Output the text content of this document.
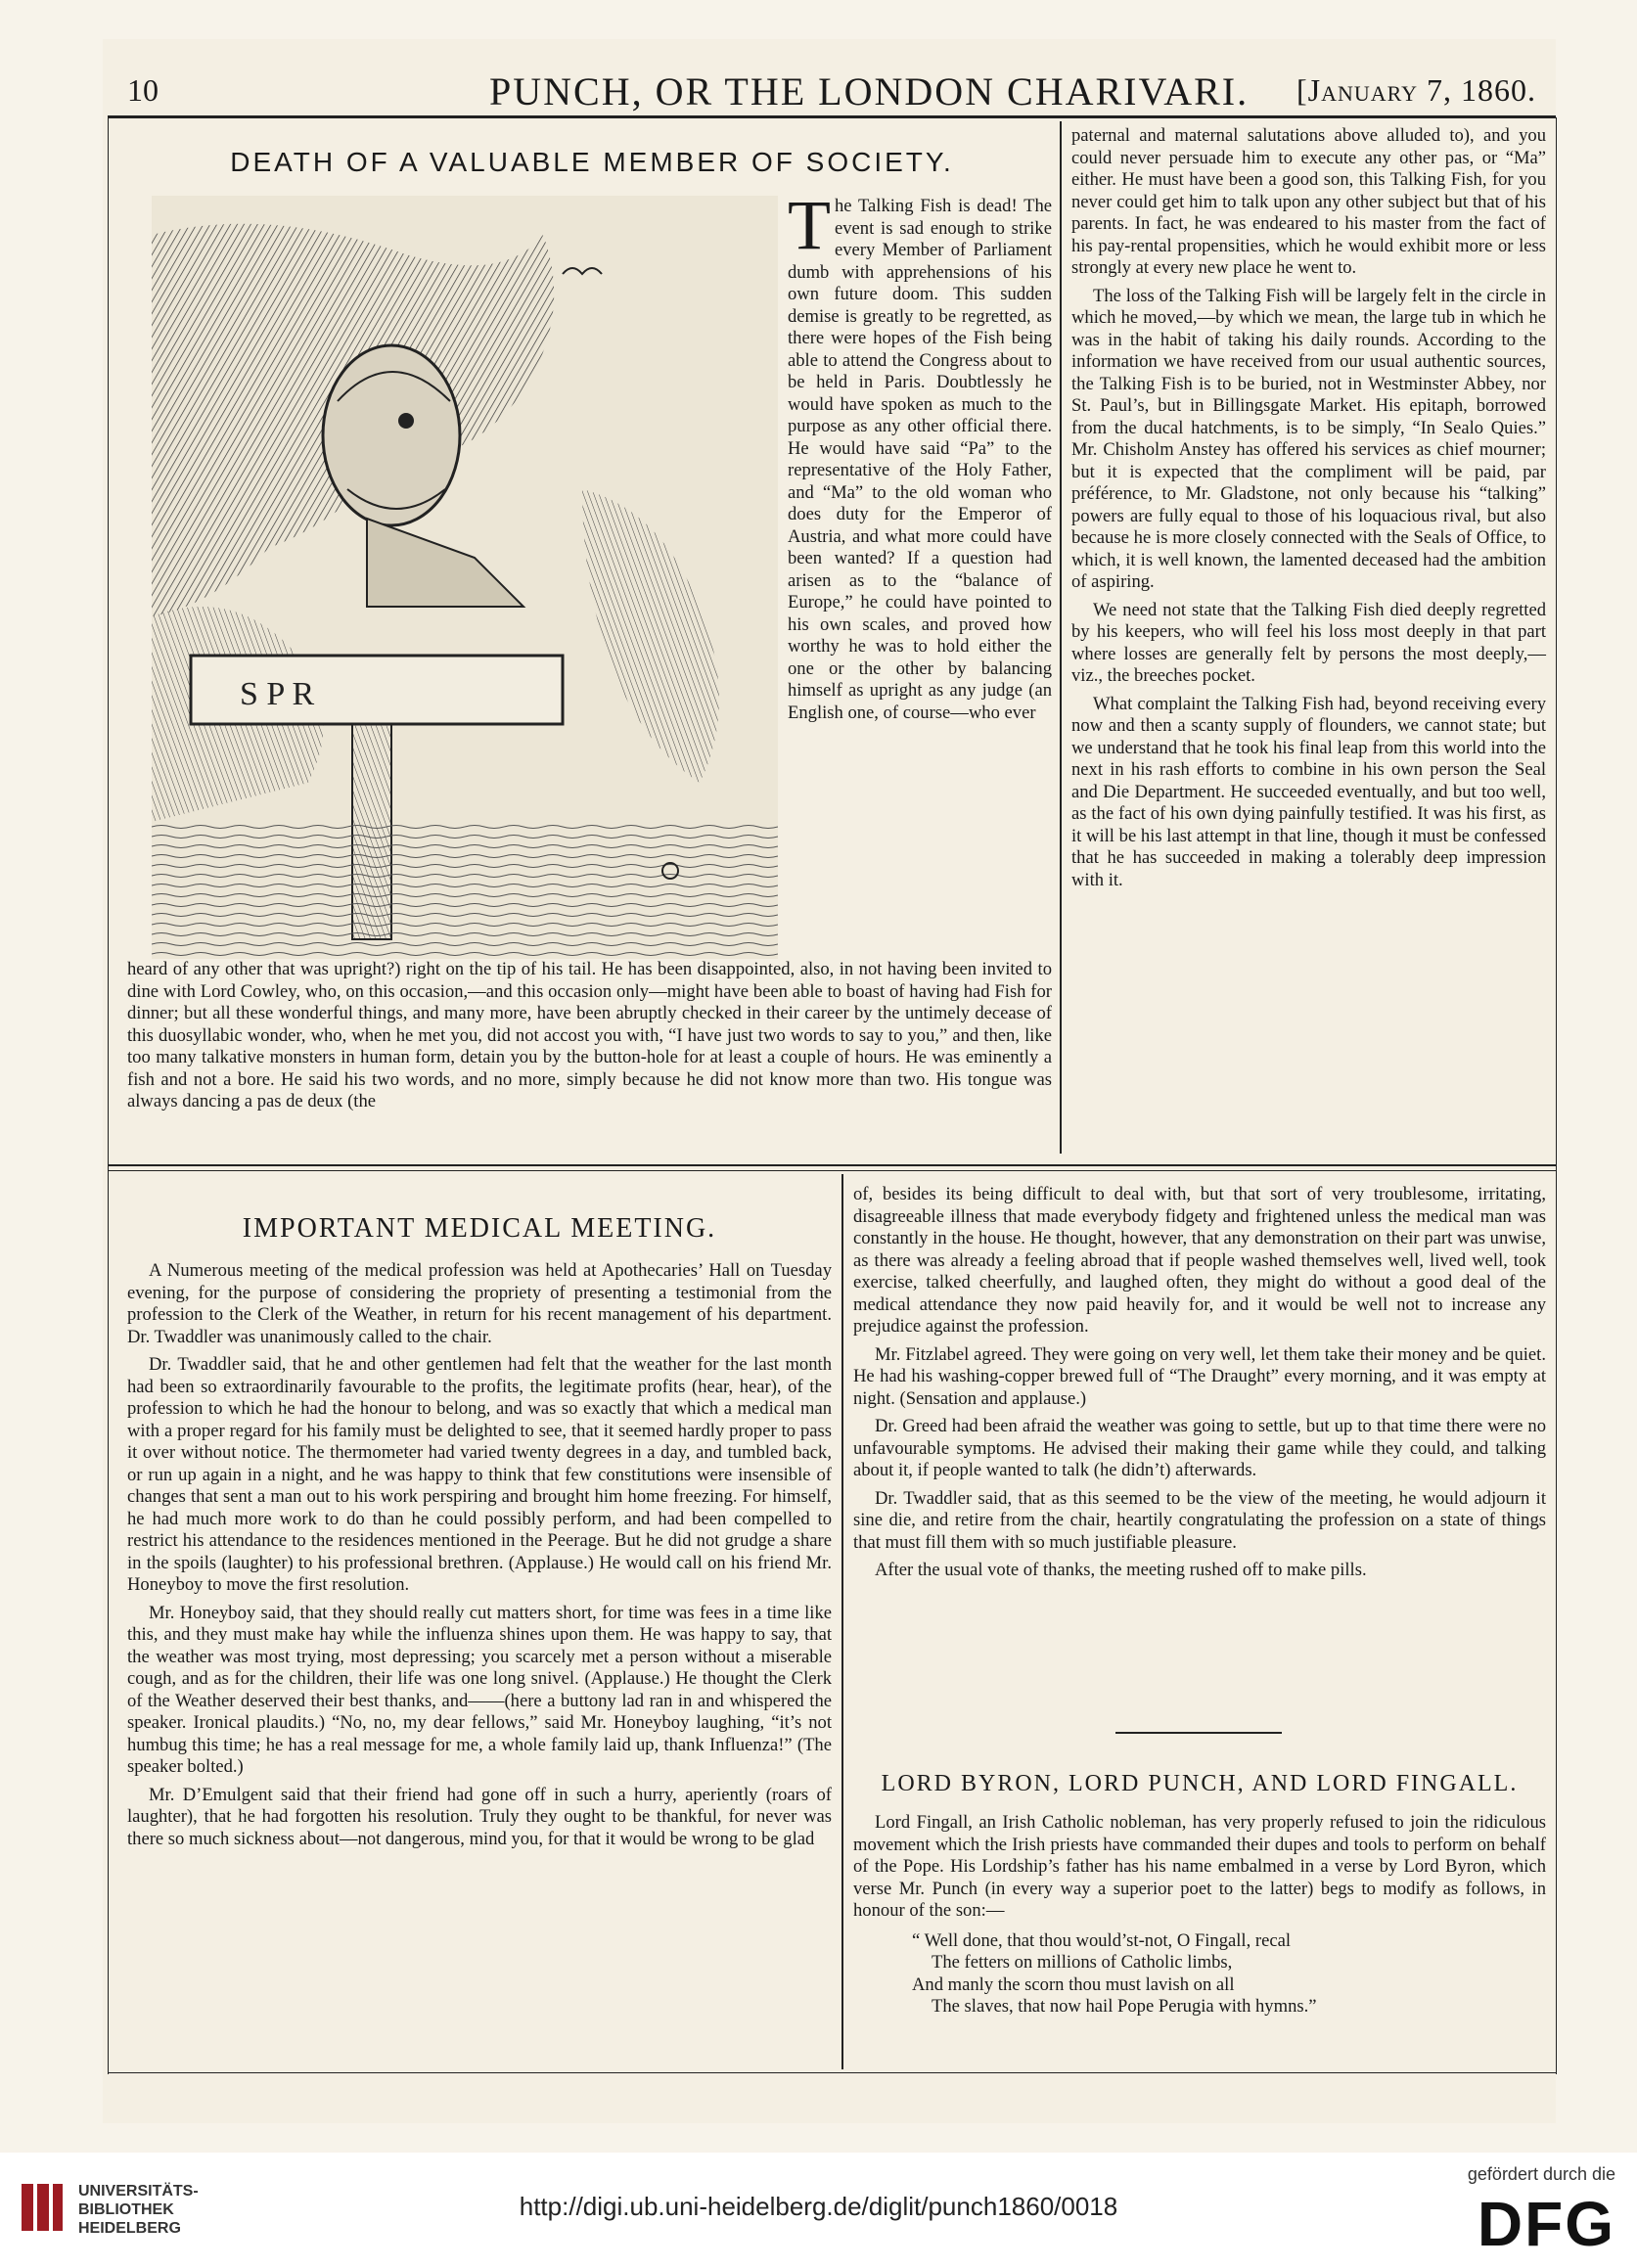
10	PUNCH, OR THE LONDON CHARIVARI. [January 7, 1860.
DEATH OF A VALUABLE MEMBER OF SOCIETY.
S P R
T he Talking Fish is dead! The event is sad enough to strike every Member of Parliament dumb with apprehensions of his own future doom. This sudden demise is greatly to be regretted, as there were hopes of the Fish being able to attend the Congress about to be held in Paris. Doubtlessly he would have spoken as much to the purpose as any other official there. He would have said “Pa” to the representative of the Holy Father, and “Ma” to the old woman who does duty for the Emperor of Austria, and what more could have been wanted? If a question had arisen as to the “balance of Europe,” he could have pointed to his own scales, and proved how worthy he was to hold either the one or the other by balancing himself as upright as any judge (an English one, of course—who ever

heard of any other that was upright?) right on the tip of his tail. He has been disappointed, also, in not having been invited to dine with Lord Cowley, who, on this occasion,—and this occasion only—might have been able to boast of having had Fish for dinner; but all these wonderful things, and many more, have been abruptly checked in their career by the untimely decease of this duosyllabic wonder, who, when he met you, did not accost you with, “I have just two words to say to you,” and then, like too many talkative monsters in human form, detain you by the button-hole for at least a couple of hours. He was eminently a fish and not a bore. He said his two words, and no more, simply because he did not know more than two. His tongue was always dancing a pas de deux (the

paternal and maternal salutations above alluded to), and you could never persuade him to execute any other pas, or “Ma” either. He must have been a good son, this Talking Fish, for you never could get him to talk upon any other subject but that of his parents. In fact, he was endeared to his master from the fact of his pay-rental propensities, which he would exhibit more or less strongly at every new place he went to.

The loss of the Talking Fish will be largely felt in the circle in which he moved,—by which we mean, the large tub in which he was in the habit of taking his daily rounds. According to the information we have received from our usual authentic sources, the Talking Fish is to be buried, not in Westminster Abbey, nor St. Paul’s, but in Billingsgate Market. His epitaph, borrowed from the ducal hatchments, is to be simply, “In Sealo Quies.” Mr. Chisholm Anstey has offered his services as chief mourner; but it is expected that the compliment will be paid, par préférence, to Mr. Gladstone, not only because his “talking” powers are fully equal to those of his loquacious rival, but also because he is more closely connected with the Seals of Office, to which, it is well known, the lamented deceased had the ambition of aspiring.

We need not state that the Talking Fish died deeply regretted by his keepers, who will feel his loss most deeply in that part where losses are generally felt by persons the most deeply,— viz., the breeches pocket.

What complaint the Talking Fish had, beyond receiving every now and then a scanty supply of flounders, we cannot state; but we understand that he took his final leap from this world into the next in his rash efforts to combine in his own person the Seal and Die Department. He succeeded eventually, and but too well, as the fact of his own dying painfully testified. It was his first, as it will be his last attempt in that line, though it must be confessed that he has succeeded in making a tolerably deep impression with it.

IMPORTANT MEDICAL MEETING.

A Numerous meeting of the medical profession was held at Apothecaries’ Hall on Tuesday evening, for the purpose of considering the propriety of presenting a testimonial from the profession to the Clerk of the Weather, in return for his recent management of his department. Dr. Twaddler was unanimously called to the chair.

Dr. Twaddler said, that he and other gentlemen had felt that the weather for the last month had been so extraordinarily favourable to the profits, the legitimate profits (hear, hear), of the profession to which he had the honour to belong, and was so exactly that which a medical man with a proper regard for his family must be delighted to see, that it seemed hardly proper to pass it over without notice. The thermometer had varied twenty degrees in a day, and tumbled back, or run up again in a night, and he was happy to think that few constitutions were insensible of changes that sent a man out to his work perspiring and brought him home freezing. For himself, he had much more work to do than he could possibly perform, and had been compelled to restrict his attendance to the residences mentioned in the Peerage. But he did not grudge a share in the spoils (laughter) to his professional brethren. (Applause.) He would call on his friend Mr. Honeyboy to move the first resolution.

Mr. Honeyboy said, that they should really cut matters short, for time was fees in a time like this, and they must make hay while the influenza shines upon them. He was happy to say, that the weather was most trying, most depressing; you scarcely met a person without a miserable cough, and as for the children, their life was one long snivel. (Applause.) He thought the Clerk of the Weather deserved their best thanks, and——(here a buttony lad ran in and whispered the speaker. Ironical plaudits.) “No, no, my dear fellows,” said Mr. Honeyboy laughing, “it’s not humbug this time; he has a real message for me, a whole family laid up, thank Influenza!” (The speaker bolted.)

Mr. D’Emulgent said that their friend had gone off in such a hurry, aperiently (roars of laughter), that he had forgotten his resolution. Truly they ought to be thankful, for never was there so much sickness about—not dangerous, mind you, for that it would be wrong to be glad

of, besides its being difficult to deal with, but that sort of very troublesome, irritating, disagreeable illness that made everybody fidgety and frightened unless the medical man was constantly in the house. He thought, however, that any demonstration on their part was unwise, as there was already a feeling abroad that if people washed themselves well, lived well, took exercise, talked cheerfully, and laughed often, they might do without a good deal of the medical attendance they now paid heavily for, and it would be well not to increase any prejudice against the profession.

Mr. Fitzlabel agreed. They were going on very well, let them take their money and be quiet. He had his washing-copper brewed full of “The Draught” every morning, and it was empty at night. (Sensation and applause.)

Dr. Greed had been afraid the weather was going to settle, but up to that time there were no unfavourable symptoms. He advised their making their game while they could, and talking about it, if people wanted to talk (he didn’t) afterwards.

Dr. Twaddler said, that as this seemed to be the view of the meeting, he would adjourn it sine die, and retire from the chair, heartily congratulating the profession on a state of things that must fill them with so much justifiable pleasure.

After the usual vote of thanks, the meeting rushed off to make pills.

LORD BYRON, LORD PUNCH, AND LORD FINGALL.

Lord Fingall, an Irish Catholic nobleman, has very properly refused to join the ridiculous movement which the Irish priests have commanded their dupes and tools to perform on behalf of the Pope. His Lordship’s father has his name embalmed in a verse by Lord Byron, which verse Mr. Punch (in every way a superior poet to the latter) begs to modify as follows, in honour of the son:—

“ Well done, that thou would’st-not, O Fingall, recal
The fetters on millions of Catholic limbs,
And manly the scorn thou must lavish on all
The slaves, that now hail Pope Perugia with hymns.”

UNIVERSITÄTS-
BIBLIOTHEK
HEIDELBERG
http://digi.ub.uni-heidelberg.de/diglit/punch1860/0018
gefördert durch die
DFG
